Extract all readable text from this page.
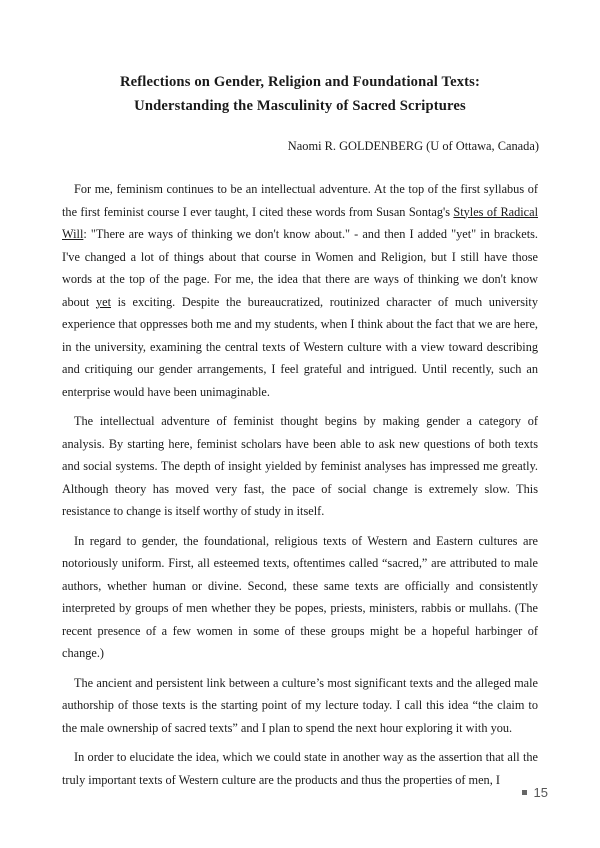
Reflections on Gender, Religion and Foundational Texts:
Understanding the Masculinity of Sacred Scriptures

Naomi R. GOLDENBERG (U of Ottawa, Canada)

For me, feminism continues to be an intellectual adventure. At the top of the first syllabus of the first feminist course I ever taught, I cited these words from Susan Sontag's Styles of Radical Will: "There are ways of thinking we don't know about." - and then I added "yet" in brackets. I've changed a lot of things about that course in Women and Religion, but I still have those words at the top of the page. For me, the idea that there are ways of thinking we don't know about yet is exciting. Despite the bureaucratized, routinized character of much university experience that oppresses both me and my students, when I think about the fact that we are here, in the university, examining the central texts of Western culture with a view toward describing and critiquing our gender arrangements, I feel grateful and intrigued. Until recently, such an enterprise would have been unimaginable.

The intellectual adventure of feminist thought begins by making gender a category of analysis. By starting here, feminist scholars have been able to ask new questions of both texts and social systems. The depth of insight yielded by feminist analyses has impressed me greatly. Although theory has moved very fast, the pace of social change is extremely slow. This resistance to change is itself worthy of study in itself.

In regard to gender, the foundational, religious texts of Western and Eastern cultures are notoriously uniform. First, all esteemed texts, oftentimes called “sacred,” are attributed to male authors, whether human or divine. Second, these same texts are officially and consistently interpreted by groups of men whether they be popes, priests, ministers, rabbis or mullahs. (The recent presence of a few women in some of these groups might be a hopeful harbinger of change.)

The ancient and persistent link between a culture’s most significant texts and the alleged male authorship of those texts is the starting point of my lecture today. I call this idea “the claim to the male ownership of sacred texts” and I plan to spend the next hour exploring it with you.

In order to elucidate the idea, which we could state in another way as the assertion that all the truly important texts of Western culture are the products and thus the properties of men, I

15
